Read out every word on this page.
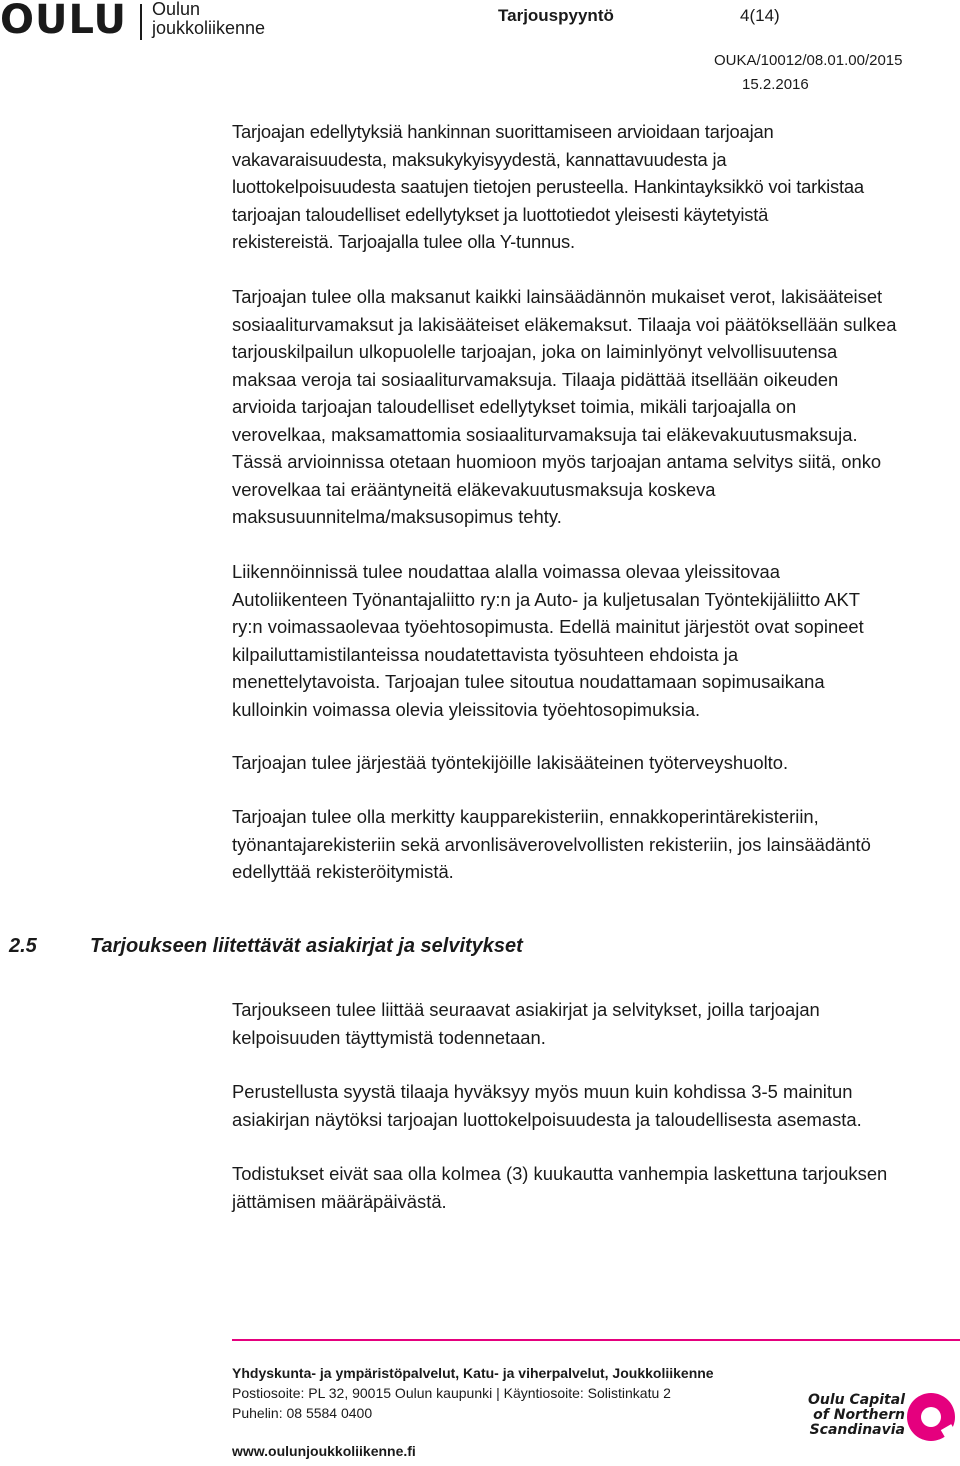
OULU Oulun
joukkoliikenne
Tarjouspyyntö	4(14)
OUKA/10012/08.01.00/2015
15.2.2016

Tarjoajan edellytyksiä hankinnan suorittamiseen arvioidaan tarjoajan
vakavaraisuudesta, maksukykyisyydestä, kannattavuudesta ja
luottokelpoisuudesta saatujen tietojen perusteella. Hankintayksikkö voi tarkistaa
tarjoajan taloudelliset edellytykset ja luottotiedot yleisesti käytetyistä
rekistereistä. Tarjoajalla tulee olla Y-tunnus.

Tarjoajan tulee olla maksanut kaikki lainsäädännön mukaiset verot, lakisääteiset
sosiaaliturvamaksut ja lakisääteiset eläkemaksut. Tilaaja voi päätöksellään sulkea
tarjouskilpailun ulkopuolelle tarjoajan, joka on laiminlyönyt velvollisuutensa
maksaa veroja tai sosiaaliturvamaksuja. Tilaaja pidättää itsellään oikeuden
arvioida tarjoajan taloudelliset edellytykset toimia, mikäli tarjoajalla on
verovelkaa, maksamattomia sosiaaliturvamaksuja tai eläkevakuutusmaksuja.
Tässä arvioinnissa otetaan huomioon myös tarjoajan antama selvitys siitä, onko
verovelkaa tai erääntyneitä eläkevakuutusmaksuja koskeva
maksusuunnitelma/maksusopimus tehty.

Liikennöinnissä tulee noudattaa alalla voimassa olevaa yleissitovaa
Autoliikenteen Työnantajaliitto ry:n ja Auto- ja kuljetusalan Työntekijäliitto AKT
ry:n voimassaolevaa työehtosopimusta. Edellä mainitut järjestöt ovat sopineet
kilpailuttamistilanteissa noudatettavista työsuhteen ehdoista ja
menettelytavoista. Tarjoajan tulee sitoutua noudattamaan sopimusaikana
kulloinkin voimassa olevia yleissitovia työehtosopimuksia.

Tarjoajan tulee järjestää työntekijöille lakisääteinen työterveyshuolto.

Tarjoajan tulee olla merkitty kaupparekisteriin, ennakkoperintärekisteriin,
työnantajarekisteriin sekä arvonlisäverovelvollisten rekisteriin, jos lainsäädäntö
edellyttää rekisteröitymistä.

2.5	Tarjoukseen liitettävät asiakirjat ja selvitykset

Tarjoukseen tulee liittää seuraavat asiakirjat ja selvitykset, joilla tarjoajan
kelpoisuuden täyttymistä todennetaan.

Perustellusta syystä tilaaja hyväksyy myös muun kuin kohdissa 3-5 mainitun
asiakirjan näytöksi tarjoajan luottokelpoisuudesta ja taloudellisesta asemasta.

Todistukset eivät saa olla kolmea (3) kuukautta vanhempia laskettuna tarjouksen
jättämisen määräpäivästä.

Yhdyskunta- ja ympäristöpalvelut, Katu- ja viherpalvelut, Joukkoliikenne
Postiosoite: PL 32, 90015 Oulun kaupunki | Käyntiosoite: Solistinkatu 2
Puhelin: 08 5584 0400
www.oulunjoukkoliikenne.fi
Oulu Capital
of Northern
Scandinavia
